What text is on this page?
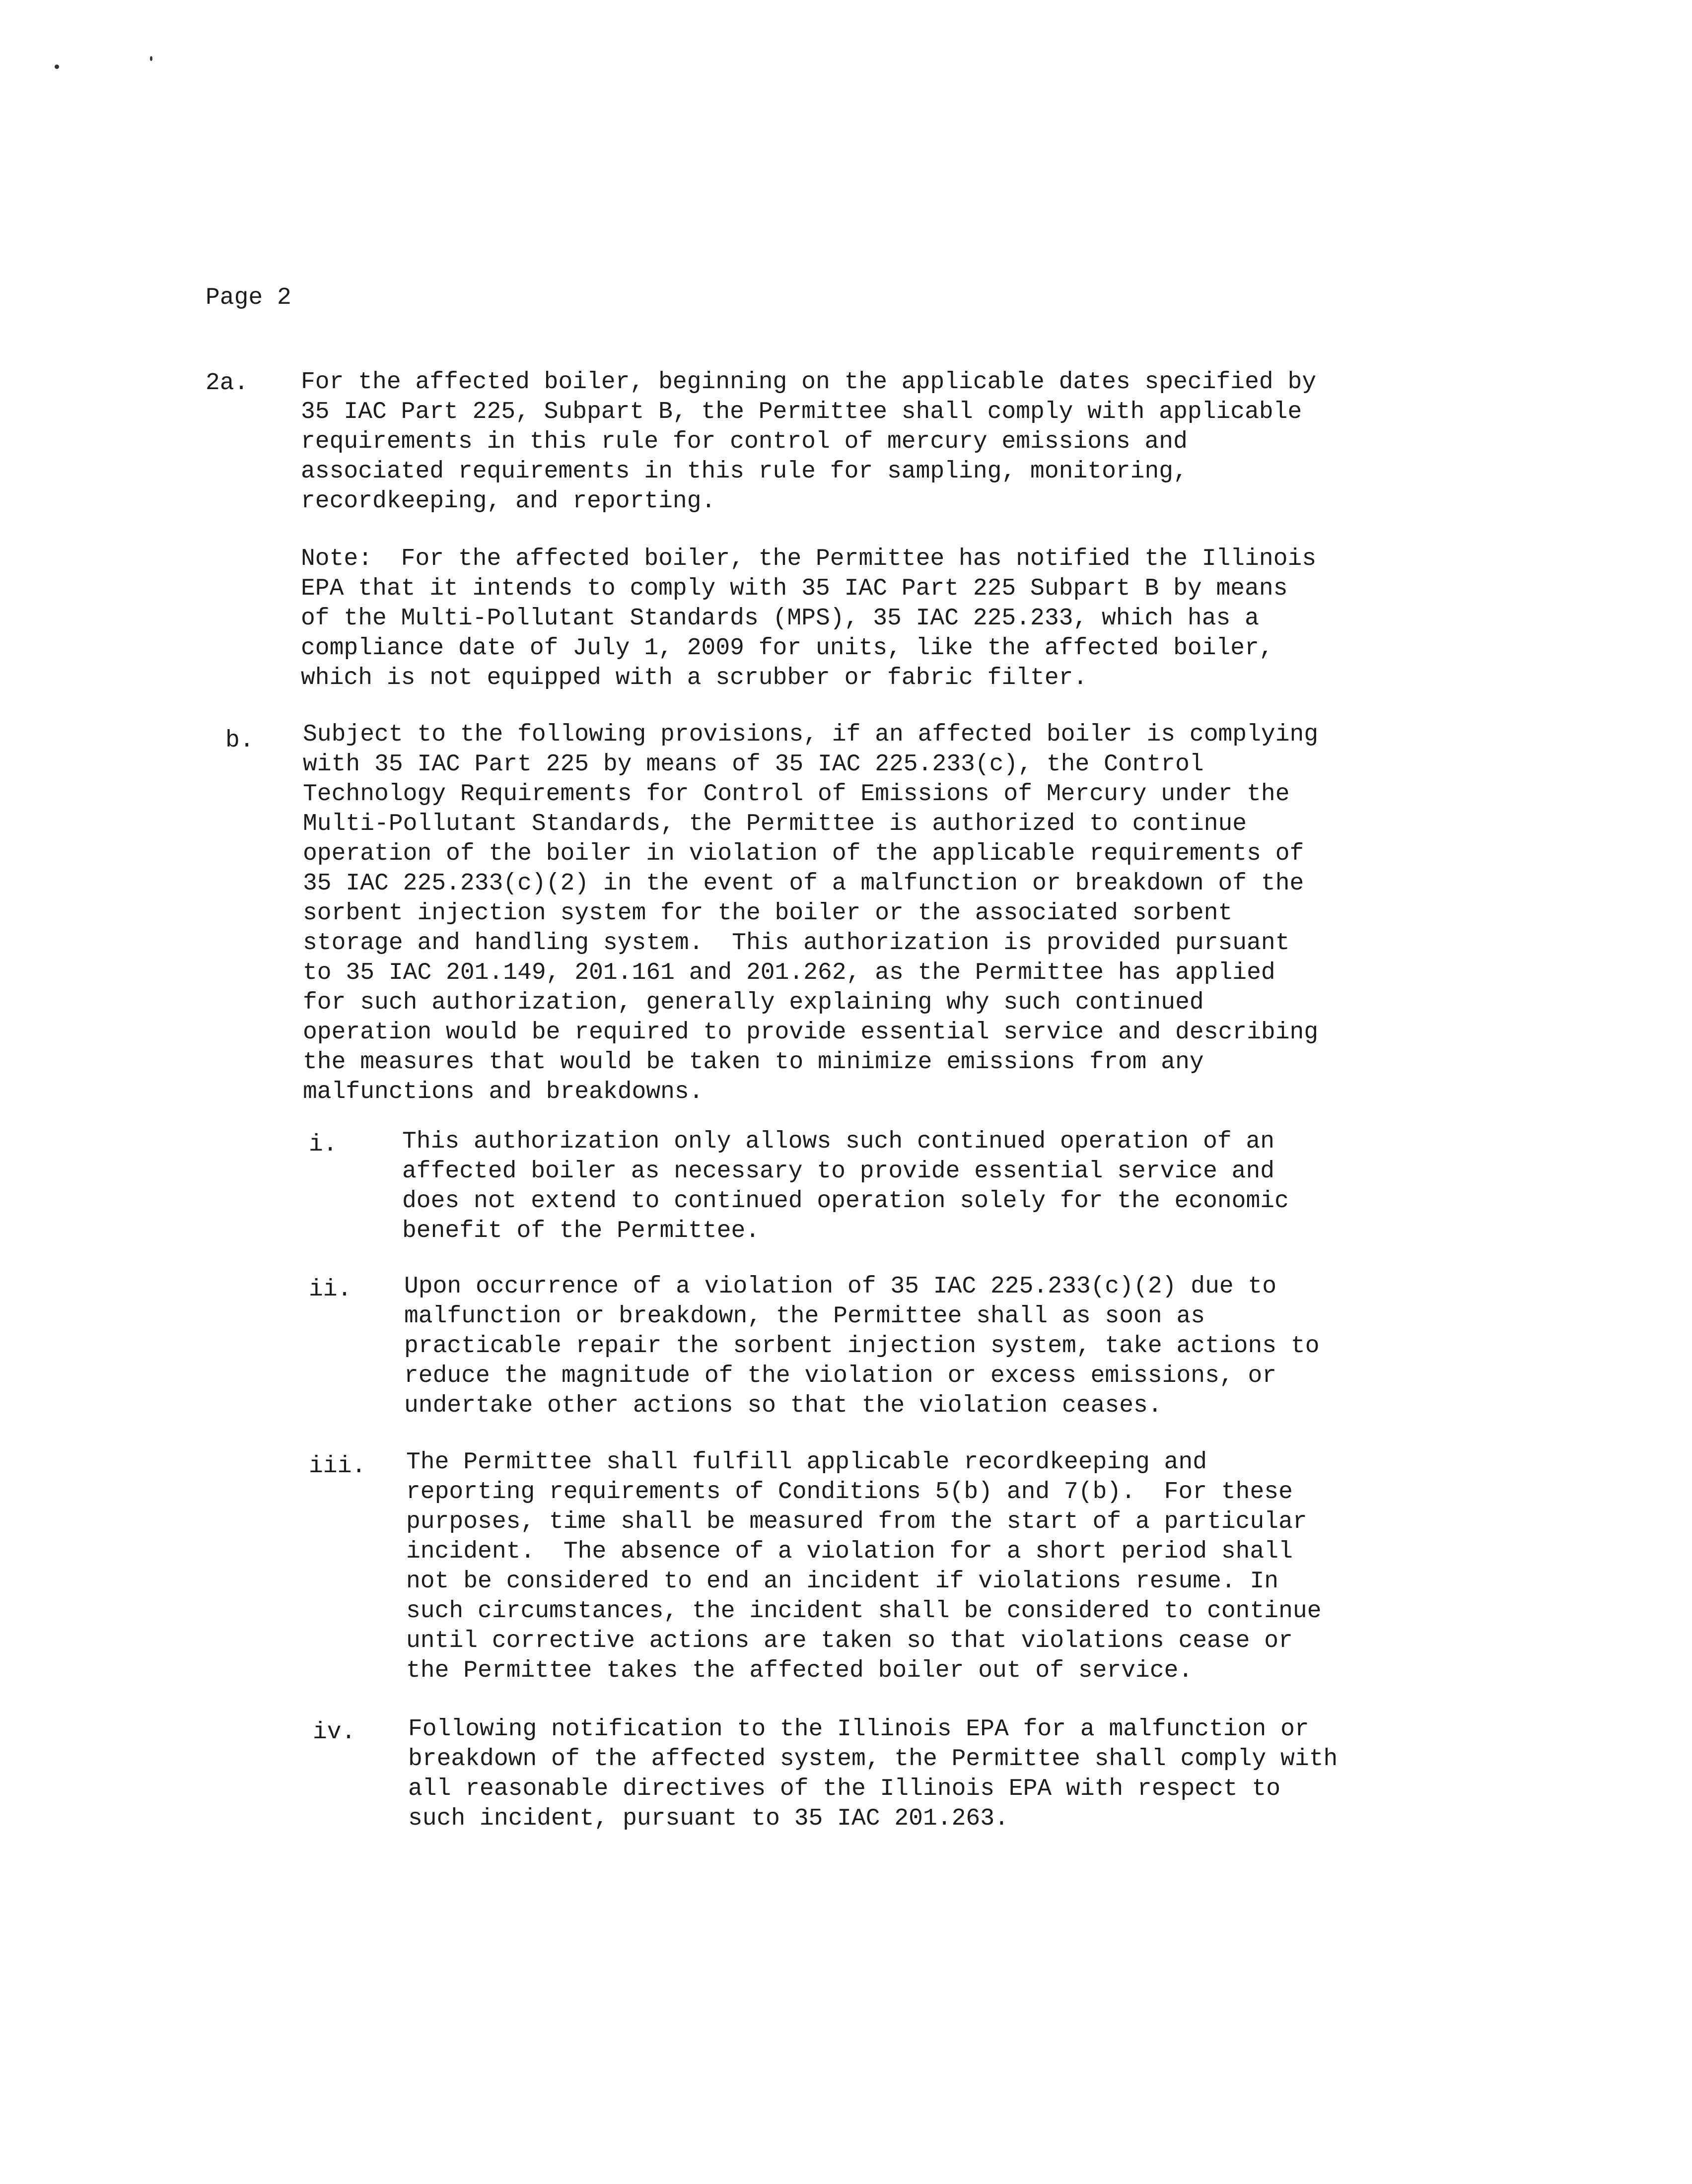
Page 2
2a. For the affected boiler, beginning on the applicable dates specified by
35 IAC Part 225, Subpart B, the Permittee shall comply with applicable
requirements in this rule for control of mercury emissions and
associated requirements in this rule for sampling, monitoring,
recordkeeping, and reporting.
Note:  For the affected boiler, the Permittee has notified the Illinois
EPA that it intends to comply with 35 IAC Part 225 Subpart B by means
of the Multi-Pollutant Standards (MPS), 35 IAC 225.233, which has a
compliance date of July 1, 2009 for units, like the affected boiler,
which is not equipped with a scrubber or fabric filter.
b. Subject to the following provisions, if an affected boiler is complying
with 35 IAC Part 225 by means of 35 IAC 225.233(c), the Control
Technology Requirements for Control of Emissions of Mercury under the
Multi-Pollutant Standards, the Permittee is authorized to continue
operation of the boiler in violation of the applicable requirements of
35 IAC 225.233(c)(2) in the event of a malfunction or breakdown of the
sorbent injection system for the boiler or the associated sorbent
storage and handling system.  This authorization is provided pursuant
to 35 IAC 201.149, 201.161 and 201.262, as the Permittee has applied
for such authorization, generally explaining why such continued
operation would be required to provide essential service and describing
the measures that would be taken to minimize emissions from any
malfunctions and breakdowns.
i.	This authorization only allows such continued operation of an
affected boiler as necessary to provide essential service and
does not extend to continued operation solely for the economic
benefit of the Permittee.
ii. Upon occurrence of a violation of 35 IAC 225.233(c)(2) due to
malfunction or breakdown, the Permittee shall as soon as
practicable repair the sorbent injection system, take actions to
reduce the magnitude of the violation or excess emissions, or
undertake other actions so that the violation ceases.
iii. The Permittee shall fulfill applicable recordkeeping and
reporting requirements of Conditions 5(b) and 7(b).  For these
purposes, time shall be measured from the start of a particular
incident.  The absence of a violation for a short period shall
not be considered to end an incident if violations resume. In
such circumstances, the incident shall be considered to continue
until corrective actions are taken so that violations cease or
the Permittee takes the affected boiler out of service.
iv. Following notification to the Illinois EPA for a malfunction or
breakdown of the affected system, the Permittee shall comply with
all reasonable directives of the Illinois EPA with respect to
such incident, pursuant to 35 IAC 201.263.
